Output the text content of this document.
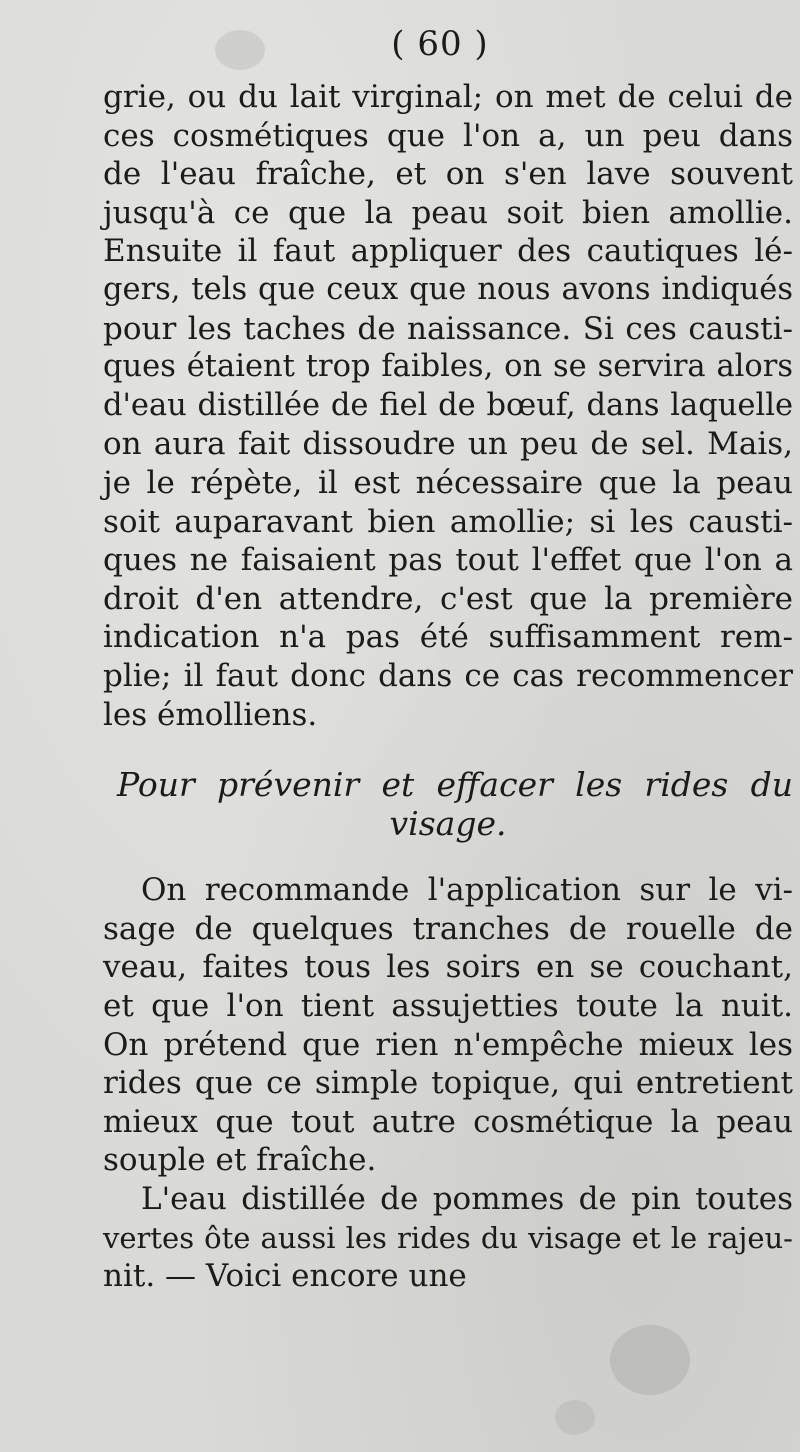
( 60 )
grie, ou du lait virginal; on met de celui de
ces cosmétiques que l'on a, un peu dans
de l'eau fraîche, et on s'en lave souvent
jusqu'à ce que la peau soit bien amollie.
Ensuite il faut appliquer des cautiques lé-
gers, tels que ceux que nous avons indiqués
pour les taches de naissance. Si ces causti-
ques étaient trop faibles, on se servira alors
d'eau distillée de fiel de bœuf, dans laquelle
on aura fait dissoudre un peu de sel. Mais,
je le répète, il est nécessaire que la peau
soit auparavant bien amollie; si les causti-
ques ne faisaient pas tout l'effet que l'on a
droit d'en attendre, c'est que la première
indication n'a pas été suffisamment rem-
plie; il faut donc dans ce cas recommencer
les émolliens.
Pour prévenir et effacer les rides du
visage.
On recommande l'application sur le vi-
sage de quelques tranches de rouelle de
veau, faites tous les soirs en se couchant,
et que l'on tient assujetties toute la nuit.
On prétend que rien n'empêche mieux les
rides que ce simple topique, qui entretient
mieux que tout autre cosmétique la peau
souple et fraîche.
L'eau distillée de pommes de pin toutes
vertes ôte aussi les rides du visage et le rajeu-
nit. — Voici encore une
